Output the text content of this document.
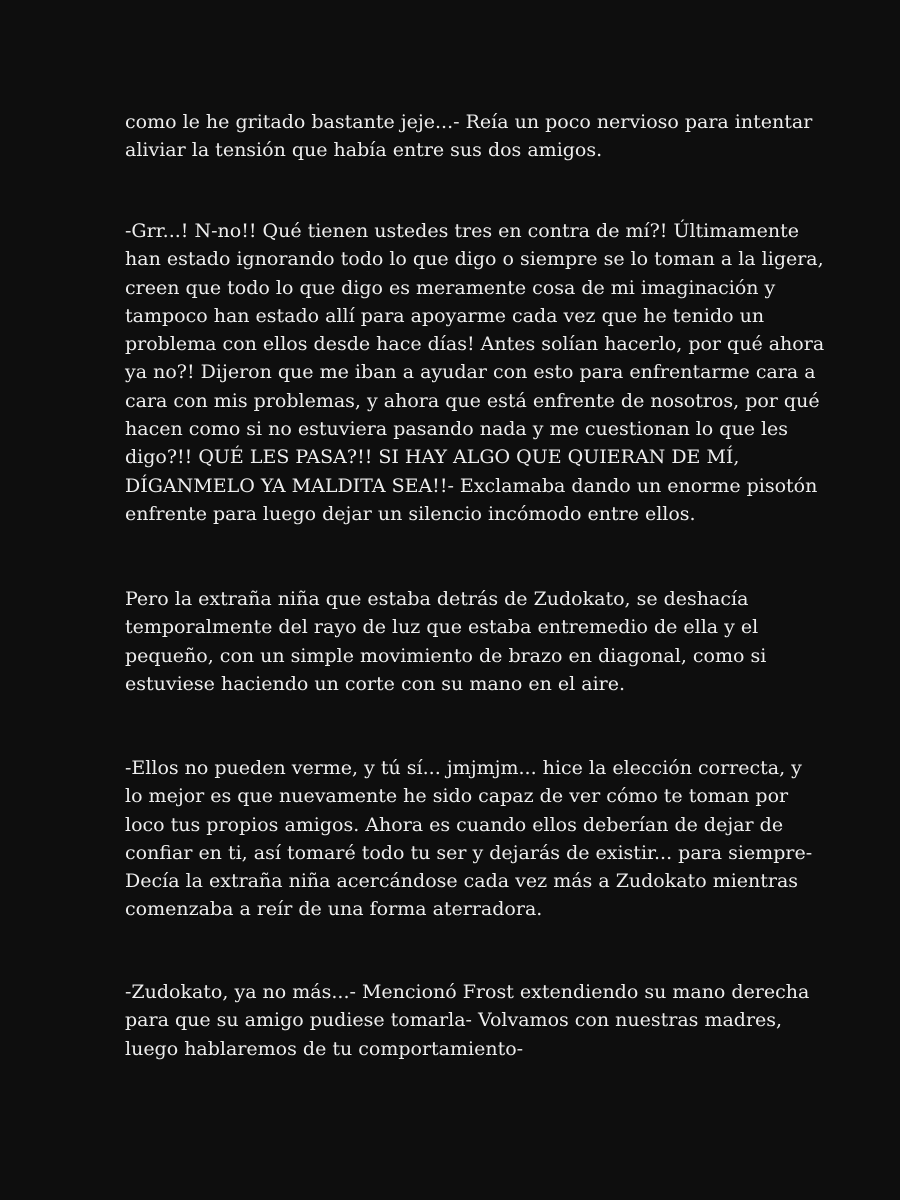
como le he gritado bastante jeje...- Reía un poco nervioso para intentar
aliviar la tensión que había entre sus dos amigos.

-Grr...! N-no!! Qué tienen ustedes tres en contra de mí?! Últimamente
han estado ignorando todo lo que digo o siempre se lo toman a la ligera,
creen que todo lo que digo es meramente cosa de mi imaginación y
tampoco han estado allí para apoyarme cada vez que he tenido un
problema con ellos desde hace días! Antes solían hacerlo, por qué ahora
ya no?! Dijeron que me iban a ayudar con esto para enfrentarme cara a
cara con mis problemas, y ahora que está enfrente de nosotros, por qué
hacen como si no estuviera pasando nada y me cuestionan lo que les
digo?!! QUÉ LES PASA?!! SI HAY ALGO QUE QUIERAN DE MÍ,
DÍGANMELO YA MALDITA SEA!!- Exclamaba dando un enorme pisotón
enfrente para luego dejar un silencio incómodo entre ellos.

Pero la extraña niña que estaba detrás de Zudokato, se deshacía
temporalmente del rayo de luz que estaba entremedio de ella y el
pequeño, con un simple movimiento de brazo en diagonal, como si
estuviese haciendo un corte con su mano en el aire.

-Ellos no pueden verme, y tú sí... jmjmjm... hice la elección correcta, y
lo mejor es que nuevamente he sido capaz de ver cómo te toman por
loco tus propios amigos. Ahora es cuando ellos deberían de dejar de
confiar en ti, así tomaré todo tu ser y dejarás de existir... para siempre-
Decía la extraña niña acercándose cada vez más a Zudokato mientras
comenzaba a reír de una forma aterradora.

-Zudokato, ya no más...- Mencionó Frost extendiendo su mano derecha
para que su amigo pudiese tomarla- Volvamos con nuestras madres,
luego hablaremos de tu comportamiento-
